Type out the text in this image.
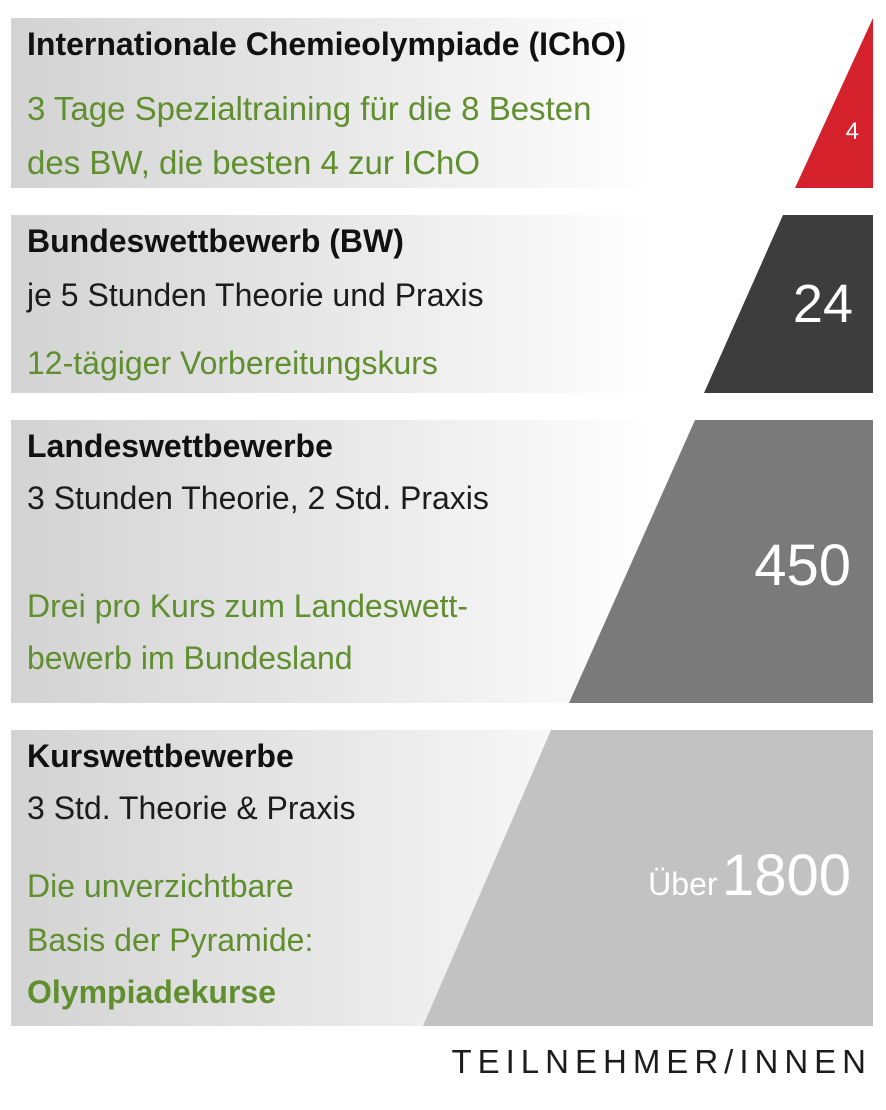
Internationale Chemieolympiade (IChO)
3 Tage Spezialtraining für die 8 Besten
des BW, die besten 4 zur IChO
4
Bundeswettbewerb (BW)
je 5 Stunden Theorie und Praxis
12-tägiger Vorbereitungskurs
24
Landeswettbewerbe
3 Stunden Theorie, 2 Std. Praxis
Drei pro Kurs zum Landeswett-
bewerb im Bundesland
450
Kurswettbewerbe
3 Std. Theorie & Praxis
Die unverzichtbare
Basis der Pyramide:
Olympiadekurse
Über 1800
TEILNEHMER/INNEN
